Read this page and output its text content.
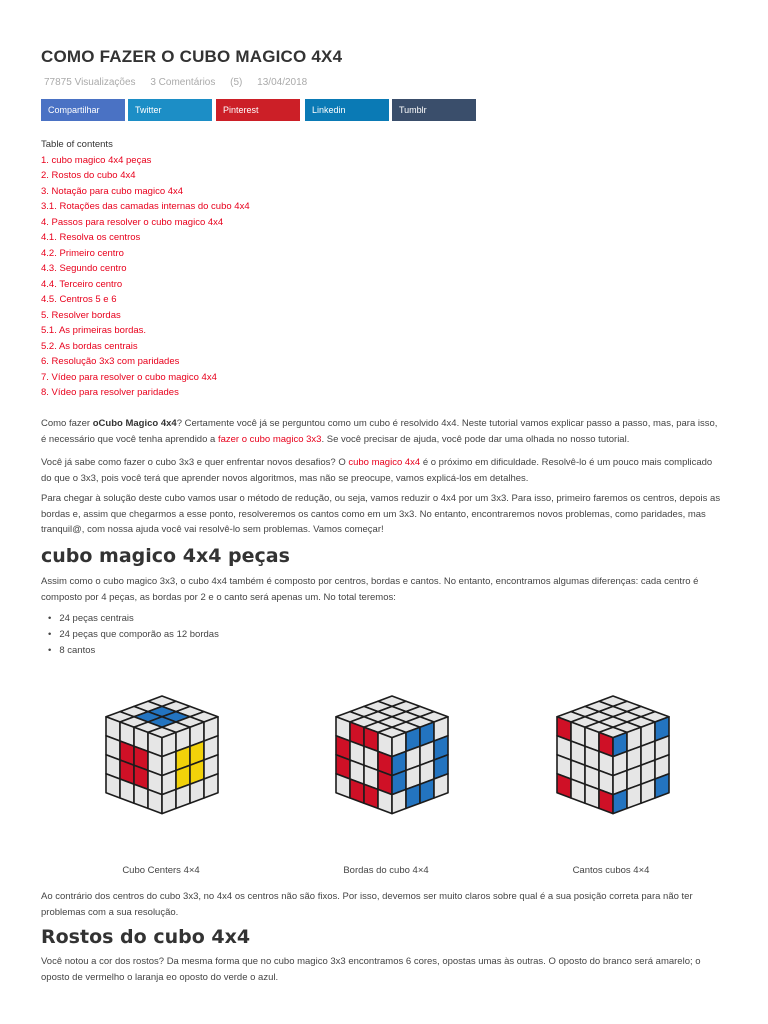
COMO FAZER O CUBO MAGICO 4X4
77875 Visualizações 3 Comentários (5) 13/04/2018
Compartilhar	Twitter	Pinterest	Linkedin	Tumblr
Table of contents
1. cubo magico 4x4 peças
2. Rostos do cubo 4x4
3. Notação para cubo magico 4x4
3.1. Rotações das camadas internas do cubo 4x4
4. Passos para resolver o cubo magico 4x4
4.1. Resolva os centros
4.2. Primeiro centro
4.3. Segundo centro
4.4. Terceiro centro
4.5. Centros 5 e 6
5. Resolver bordas
5.1. As primeiras bordas.
5.2. As bordas centrais
6. Resolução 3x3 com paridades
7. Vídeo para resolver o cubo magico 4x4
8. Vídeo para resolver paridades

Como fazer oCubo Magico 4x4? Certamente você já se perguntou como um cubo é resolvido 4x4. Neste tutorial vamos explicar passo a passo, mas, para isso, é necessário que você tenha aprendido a fazer o cubo magico 3x3. Se você precisar de ajuda, você pode dar uma olhada no nosso tutorial.

Você já sabe como fazer o cubo 3x3 e quer enfrentar novos desafios? O cubo magico 4x4 é o próximo em dificuldade. Resolvê-lo é um pouco mais complicado do que o 3x3, pois você terá que aprender novos algoritmos, mas não se preocupe, vamos explicá-los em detalhes.

Para chegar à solução deste cubo vamos usar o método de redução, ou seja, vamos reduzir o 4x4 por um 3x3. Para isso, primeiro faremos os centros, depois as bordas e, assim que chegarmos a esse ponto, resolveremos os cantos como em um 3x3. No entanto, encontraremos novos problemas, como paridades, mas tranquil@, com nossa ajuda você vai resolvê-lo sem problemas. Vamos começar!

cubo magico 4x4 peças

Assim como o cubo magico 3x3, o cubo 4x4 também é composto por centros, bordas e cantos. No entanto, encontramos algumas diferenças: cada centro é composto por 4 peças, as bordas por 2 e o canto será apenas um. No total teremos:

• 24 peças centrais
• 24 peças que comporão as 12 bordas
• 8 cantos
Cubo Centers 4×4	Bordas do cubo 4×4	Cantos cubos 4×4

Ao contrário dos centros do cubo 3x3, no 4x4 os centros não são fixos. Por isso, devemos ser muito claros sobre qual é a sua posição correta para não ter problemas com a sua resolução.

Rostos do cubo 4x4

Você notou a cor dos rostos? Da mesma forma que no cubo magico 3x3 encontramos 6 cores, opostas umas às outras. O oposto do branco será amarelo; o oposto de vermelho o laranja eo oposto do verde o azul.
